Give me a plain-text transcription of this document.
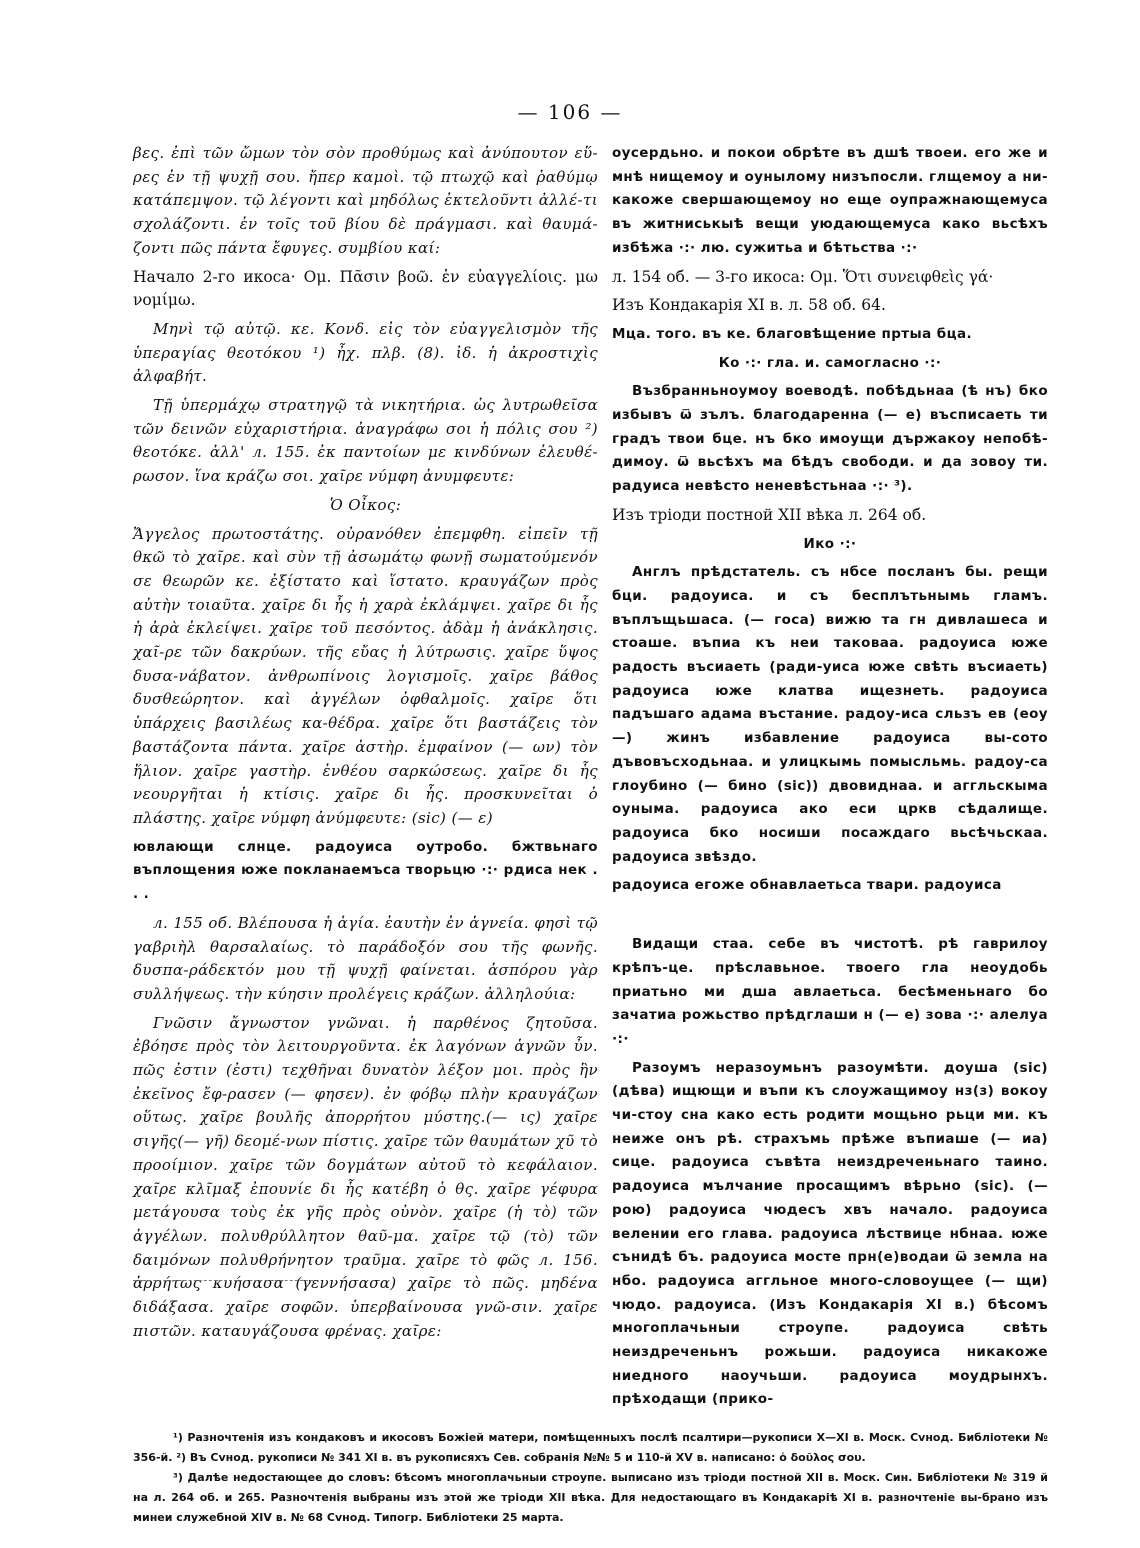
— 106 —

βες. ἐπὶ τῶν ὤμων τὸν σὸν προθύμως καὶ ἀνύπουτον εὕ-ρες ἐν τῇ ψυχῇ σου. ἤπερ καμοὶ. τῷ πτωχῷ καὶ ῥαθύμῳ κατάπεμψον. τῷ λέγοντι καὶ μηδόλως ἐκτελοῦντι ἀλλέ-τι σχολάζοντι. ἐν τοῖς τοῦ βίου δὲ πράγμασι. καὶ θαυμά-ζοντι πῶς πάντα ἔφυγες. συμβίου καί:

Начало 2-го икоса· Ομ. Πᾶσιν βοῶ. ἐν εὐαγγελίοις. μω νομίμω.

Μηνὶ τῷ αὐτῷ. κε. Κονδ. εἰς τὸν εὐαγγελισμὸν τῆς ὑπεραγίας θεοτόκου ¹) ἦχ. πλβ. (8). ἰδ. ἡ ἀκροστιχὶς ἀλφαβήτ.

Τῇ ὑπερμάχῳ στρατηγῷ τὰ νικητήρια. ὡς λυτρωθεῖσα τῶν δεινῶν εὐχαριστήρια. ἀναγράφω σοι ἡ πόλις σου ²) θεοτόκε. ἀλλ' л. 155. ἐκ παντοίων με κινδύνων ἐλευθέ-ρωσον. ἵνα κράζω σοι. χαῖρε νύμφη ἀνυμφευτε:

Ὁ Οἶκος:

Ἄγγελος πρωτοστάτης. οὐρανόθεν ἐπεμφθη. εἰπεῖν τῇ θκῶ τὸ χαῖρε. καὶ σὺν τῇ ἀσωμάτῳ φωνῇ σωματούμενόν σε θεωρῶν κε. ἐξίστατο καὶ ἵστατο. κραυγάζων πρὸς αὐτὴν τοιαῦτα. χαῖρε δι ἧς ἡ χαρὰ ἐκλάμψει. χαῖρε δι ἧς ἡ ἀρὰ ἐκλείψει. χαῖρε τοῦ πεσόντος. ἀδὰμ ἡ ἀνάκλησις. χαῖ-ρε τῶν δακρύων. τῆς εὔας ἡ λύτρωσις. χαῖρε ὕψος δυσα-νάβατον. ἀνθρωπίνοις λογισμοῖς. χαῖρε βάθος δυσθεώρητον. καὶ ἀγγέλων ὀφθαλμοῖς. χαῖρε ὅτι ὑπάρχεις βασιλέως κα-θέδρα. χαῖρε ὅτι βαστάζεις τὸν βαστάζοντα πάντα. χαῖρε ἀστὴρ. ἐμφαίνον (— ων) τὸν ἥλιον. χαῖρε γαστὴρ. ἐνθέου σαρκώσεως. χαῖρε δι ἧς νεουργῆται ἡ κτίσις. χαῖρε δι ἧς. προσκυνεῖται ὁ πλάστης. χαῖρε νύμφη ἀνύμφευτε: (sic) (— ε)

ювлающи слнце. радоуиса оутробо. бжтвьнаго въплощения юже покланаемъса творьцю ·:· рдиса нек . . .

л. 155 об. Βλέπουσα ἡ ἁγία. ἑαυτὴν ἐν ἁγνεία. φησὶ τῷ γαβριὴλ θαρσαλαίως. τὸ παράδοξόν σου τῆς φωνῆς. δυσπα-ράδεκτόν μου τῇ ψυχῇ φαίνεται. ἀσπόρου γὰρ συλλήψεως. τὴν κύησιν προλέγεις κράζων. ἀλληλούια:

Γνῶσιν ἄγνωστον γνῶναι. ἡ παρθένος ζητοῦσα. ἐβόησε πρὸς τὸν λειτουργοῦντα. ἐκ λαγόνων ἁγνῶν ὖν. πῶς ἐστιν (ἐστι) τεχθῆναι δυνατὸν λέξον μοι. πρὸς ἣν ἐκεῖνος ἔφ-ρασεν (— φησεν). ἐν φόβῳ πλὴν κραυγάζων οὕτως. χαῖρε βουλῆς ἀπορρήτου μύστης.(— ις) χαῖρε σιγῆς(— γῆ) δεομέ-νων πίστις. χαῖρε τῶν θαυμάτων χῦ τὸ προοίμιον. χαῖρε τῶν δογμάτων αὐτοῦ τὸ κεφάλαιον. χαῖρε κλῖμαξ ἐπουνίε δι ἧς κατέβη ὁ θς. χαῖρε γέφυρα μετάγουσα τοὺς ἐκ γῆς πρὸς οὐνὸν. χαῖρε (ἡ τὸ) τῶν ἀγγέλων. πολυθρύλλητον θαῦ-μα. χαῖρε τῷ (τὸ) τῶν δαιμόνων πολυθρήνητον τραῦμα. χαῖρε τὸ φῶς л. 156. ἀρρήτως κυήσασα (γεννήσασα) χαῖρε τὸ πῶς. μηδένα διδάξασα. χαῖρε σοφῶν. ὑπερβαίνουσα γνῶ-σιν. χαῖρε πιστῶν. καταυγάζουσα φρένας. χαῖρε:

оусердьно. и покои обрѣте въ дшѣ твоеи. его же и мнѣ нищемоу и оунылому низъпосли. глщемоу а ни-какоже свершающемоу но еще оупражнающемуса въ житниськыѣ вещи уюдающемуса како вьсѣхъ избѣжа ·:· лю. сужитьа и бѣтьства ·:·

л. 154 об. — 3-го икоса: Ομ. Ὅτι συνειφθεὶς γά·

Изъ Кондакарія XI в. л. 58 об. 64.

Мца. того. въ ке. благовѣщение пртыа бца.

Ко ·:· гла. и. самогласно ·:·

Възбранньноумоу воеводѣ. побѣдьнаа (ѣ нъ) бко избывъ ѿ зълъ. благодаренна (— е) въсписаеть ти градъ твои бце. нъ бко имоущи държакоу непобѣ-димоу. ѿ вьсѣхъ ма бѣдъ свободи. и да зовоу ти. радуиса невѣсто неневѣстьнаа ·:· ³).

Изъ тріоди постной XII вѣка л. 264 об.

Ико ·:·

Англъ прѣдстатель. съ нбсе посланъ бы. рещи бци. радоуиса. и съ бесплътьнымь гламъ. въплъщьшаса. (— госа) вижю та гн дивлашеса и стоаше. въпиа къ неи таковаа. радоуиса юже радость въсиаеть (ради-уиса юже свѣть въсиаеть) радоуиса юже клатва ищезнеть. радоуиса падъшаго адама въстание. радоу-иса сльзъ ев (еоу —) жинъ избавление радоуиса вы-сото дъвовъсходьнаа. и улицкымь помысльмь. радоу-са глоубино (— бино (sic)) двовиднаа. и аггльскыма оуныма. радоуиса ако еси цркв сѣдалище. радоуиса бко носиши посаждаго вьсѣчьскаа. радоуиса звѣздо.

радоуиса егоже обнавлаетьса твари. радоуиса

Видащи стаа. себе въ чистотѣ. рѣ гаврилоу крѣпъ-це. прѣславьное. твоего гла неоудобь приатьно ми дша авлаетьса. бесѣменьнаго бо зачатиа рожьство прѣдглаши н (— е) зова ·:· алелуа ·:·

Разоумъ неразоумьнъ разоумѣти. доуша (sic) (дѣва) ищющи и въпи къ слоужащимоу нз(з) вокоу чи-стоу сна како есть родити мощьно рьци ми. къ неиже онъ рѣ. страхъмь прѣже въпиаше (— иа) сице. радоуиса съвѣта неиздреченьнаго таино. радоуиса мълчание просащимъ вѣрьно (sic). (— рою) радоуиса чюдесъ хвъ начало. радоуиса велении его глава. радоуиса лѣствице нбнаа. юже сънидѣ бъ. радоуиса мосте прн(е)водаи ѿ земла на нбо. радоуиса аггльное много-словоущее (— щи) чюдо. радоуиса. (Изъ Кондакарія XI в.) бѣсомъ многоплачьныи строупе. радоуиса свѣть неиздреченьнъ рожьши. радоуиса никакоже ниедного наоучьши. радоуиса моудрынхъ. прѣходащи (прико-

¹) Разночтенія изъ кондаковъ и икосовъ Божіей матери, помѣщенныхъ послѣ псалтири—рукописи X—XI в. Моск. Сvнод. Библіотеки № 356-й. ²) Въ Сvнод. рукописи № 341 XI в. въ рукописяхъ Сев. собранія №№ 5 и 110-й XV в. написано: ὁ δοῦλος σου.

³) Далѣе недостающее до словъ: бѣсомъ многоплачьныи строупе. выписано изъ тріоди постной XII в. Моск. Син. Библіотеки № 319 й на л. 264 об. и 265. Разночтенія выбраны изъ этой же тріоди XII вѣка. Для недостающаго въ Кондакаріѣ XI в. разночтеніе вы-брано изъ минеи служебной XIV в. № 68 Сvнод. Типогр. Библіотеки 25 марта.
